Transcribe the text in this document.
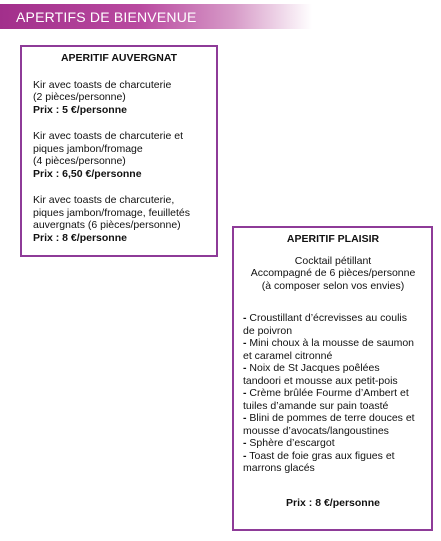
APERTIFS DE BIENVENUE
APERITIF AUVERGNAT
Kir avec toasts de charcuterie
(2 pièces/personne)
Prix : 5 €/personne
Kir avec toasts de charcuterie et
piques jambon/fromage
(4 pièces/personne)
Prix : 6,50 €/personne
Kir avec toasts de charcuterie,
piques jambon/fromage, feuilletés
auvergnats (6 pièces/personne)
Prix : 8 €/personne	APERITIF PLAISIR
Cocktail pétillant
Accompagné de 6 pièces/personne
(à composer selon vos envies)
- Croustillant d’écrevisses au coulis
de poivron
- Mini choux à la mousse de saumon
et caramel citronné
- Noix de St Jacques poêlées
tandoori et mousse aux petit-pois
- Crème brûlée Fourme d’Ambert et
tuiles d’amande sur pain toasté
- Blini de pommes de terre douces et
mousse d’avocats/langoustines
- Sphère d’escargot
- Toast de foie gras aux figues et
marrons glacés
Prix : 8 €/personne
